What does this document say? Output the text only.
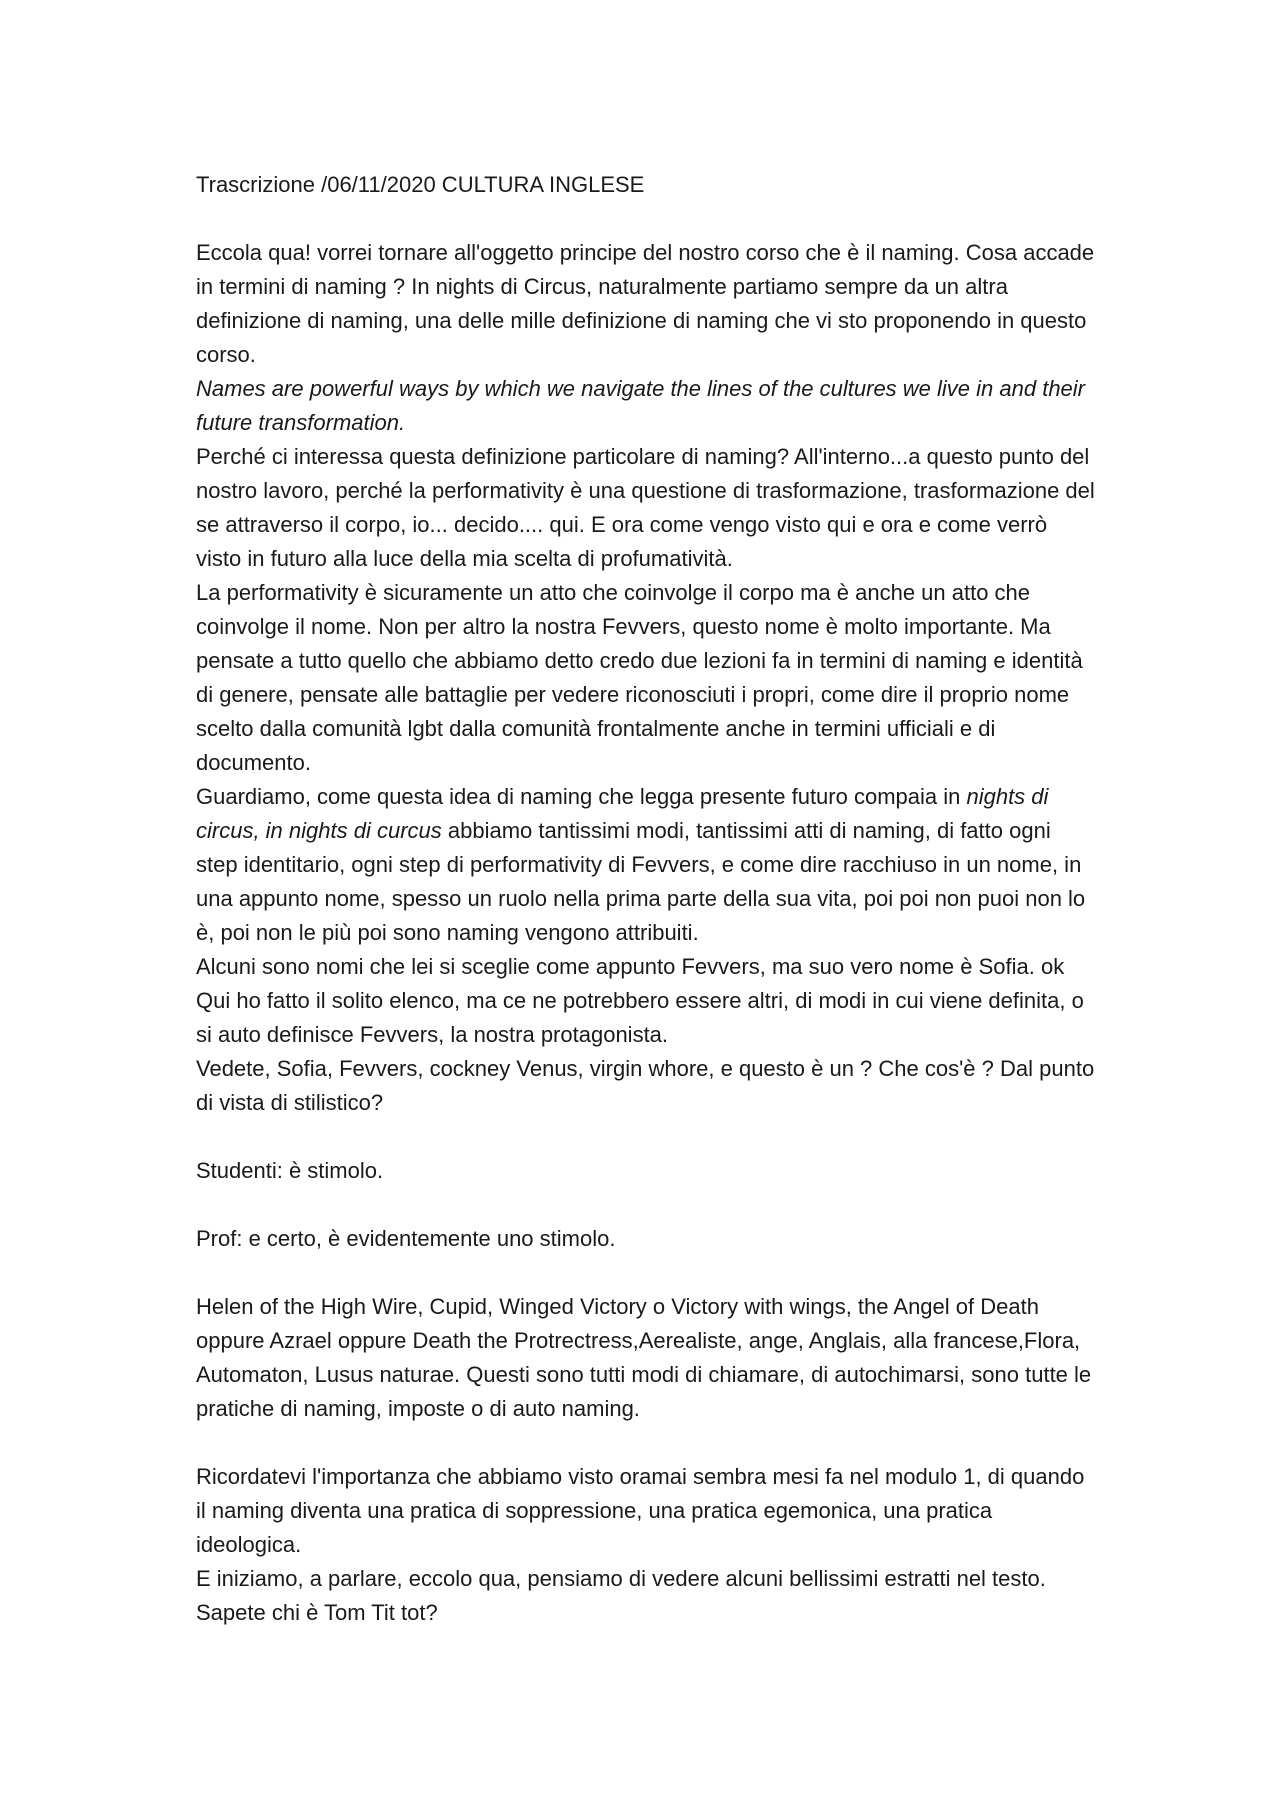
Trascrizione /06/11/2020 CULTURA INGLESE

Eccola qua! vorrei tornare all'oggetto principe del nostro corso che è il naming. Cosa accade in termini di naming ? In nights di Circus, naturalmente partiamo sempre da un altra definizione di naming, una delle mille definizione di naming che vi sto proponendo in questo corso.

Names are powerful ways by which we navigate the lines of the cultures we live in and their future transformation.

Perché ci interessa questa definizione particolare di naming? All'interno...a questo punto del nostro lavoro, perché la performativity è una questione di trasformazione, trasformazione del se attraverso il corpo, io... decido.... qui. E ora come vengo visto qui e ora e come verrò visto in futuro alla luce della mia scelta di profumatività.

La performativity è sicuramente un atto che coinvolge il corpo ma è anche un atto che coinvolge il nome. Non per altro la nostra Fevvers, questo nome è molto importante. Ma pensate a tutto quello che abbiamo detto credo due lezioni fa in termini di naming e identità di genere, pensate alle battaglie per vedere riconosciuti i propri, come dire il proprio nome scelto dalla comunità lgbt dalla comunità frontalmente anche in termini ufficiali e di documento.

Guardiamo, come questa idea di naming che legga presente futuro compaia in nights di circus, in nights di curcus abbiamo tantissimi modi, tantissimi atti di naming, di fatto ogni step identitario, ogni step di performativity di Fevvers, e come dire racchiuso in un nome, in una appunto nome, spesso un ruolo nella prima parte della sua vita, poi poi non puoi non lo è, poi non le più poi sono naming vengono attribuiti.

Alcuni sono nomi che lei si sceglie come appunto Fevvers, ma suo vero nome è Sofia. ok Qui ho fatto il solito elenco, ma ce ne potrebbero essere altri, di modi in cui viene definita, o si auto definisce Fevvers, la nostra protagonista.

Vedete, Sofia, Fevvers, cockney Venus, virgin whore, e questo è un ? Che cos'è ? Dal punto di vista di stilistico?

Studenti: è stimolo.

Prof: e certo, è evidentemente uno stimolo.

Helen of the High Wire, Cupid, Winged Victory o Victory with wings, the Angel of Death oppure Azrael oppure Death the Protrectress,Aerealiste, ange, Anglais, alla francese,Flora, Automaton, Lusus naturae. Questi sono tutti modi di chiamare, di autochimarsi, sono tutte le pratiche di naming, imposte o di auto naming.

Ricordatevi l'importanza che abbiamo visto oramai sembra mesi fa nel modulo 1, di quando il naming diventa una pratica di soppressione, una pratica egemonica, una pratica ideologica.

E iniziamo, a parlare, eccolo qua, pensiamo di vedere alcuni bellissimi estratti nel testo. Sapete chi è Tom Tit tot?
